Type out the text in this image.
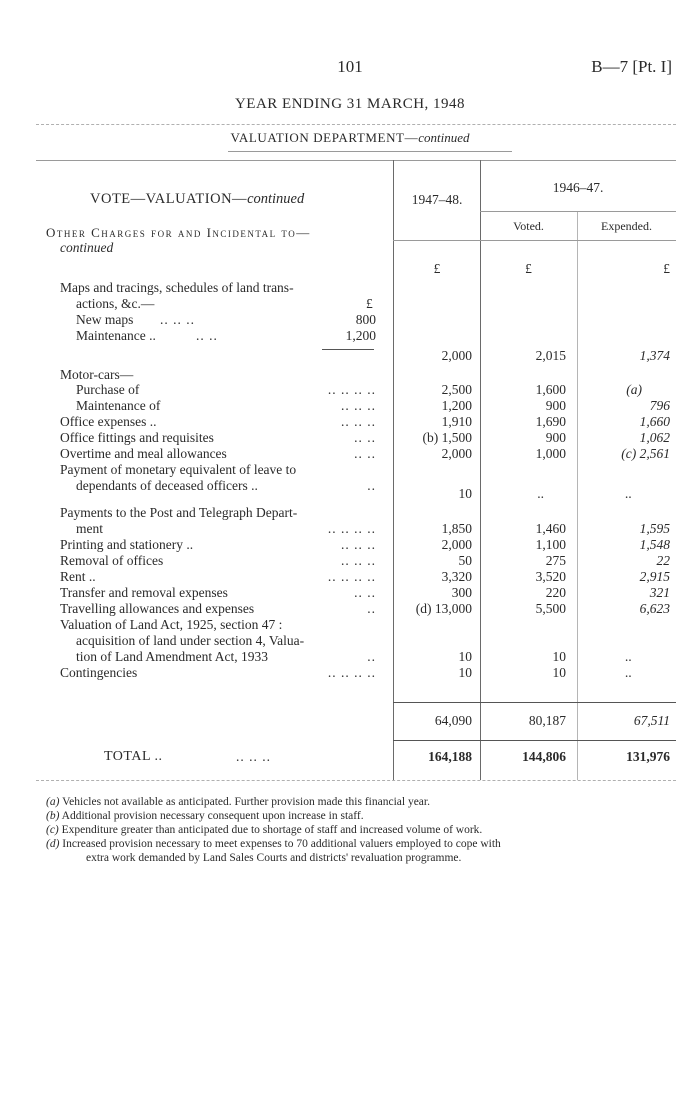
101	B—7 [Pt. I]
YEAR ENDING 31 MARCH, 1948
VALUATION DEPARTMENT—continued
VOTE—VALUATION—continued	1947–48.
1946–47.
Voted.	Expended.
Other Charges for and Incidental to—
continued
£	£	£
Maps and tracings, schedules of land trans-
actions, &c.—	£
New maps .. .. ..	800
Maintenance ..	.. ..	1,200
2,000	2,015	1,374
Motor-cars—
Purchase of	.. .. .. ..	2,500	1,600	(a)
Maintenance of	.. .. ..	1,200	900	796
Office expenses ..	.. .. ..	1,910	1,690	1,660
Office fittings and requisites	.. ..	(b) 1,500	900	1,062
Overtime and meal allowances	.. ..	2,000	1,000	(c) 2,561
Payment of monetary equivalent of leave to
dependants of deceased officers ..	..
10	..	..
Payments to the Post and Telegraph Depart-
ment	.. .. .. ..	1,850	1,460	1,595
Printing and stationery ..	.. .. ..	2,000	1,100	1,548
Removal of offices	.. .. ..	50	275	22
Rent ..	.. .. .. ..	3,320	3,520	2,915
Transfer and removal expenses	.. ..	300	220	321
Travelling allowances and expenses	..	(d) 13,000	5,500	6,623
Valuation of Land Act, 1925, section 47 :
acquisition of land under section 4, Valua-
tion of Land Amendment Act, 1933	..	10	10	..
Contingencies	.. .. .. ..	10	10	..
64,090	80,187	67,511
TOTAL ..	.. .. ..	164,188	144,806	131,976
(a) Vehicles not available as anticipated. Further provision made this financial year.
(b) Additional provision necessary consequent upon increase in staff.
(c) Expenditure greater than anticipated due to shortage of staff and increased volume of work.
(d) Increased provision necessary to meet expenses to 70 additional valuers employed to cope with
extra work demanded by Land Sales Courts and districts' revaluation programme.
